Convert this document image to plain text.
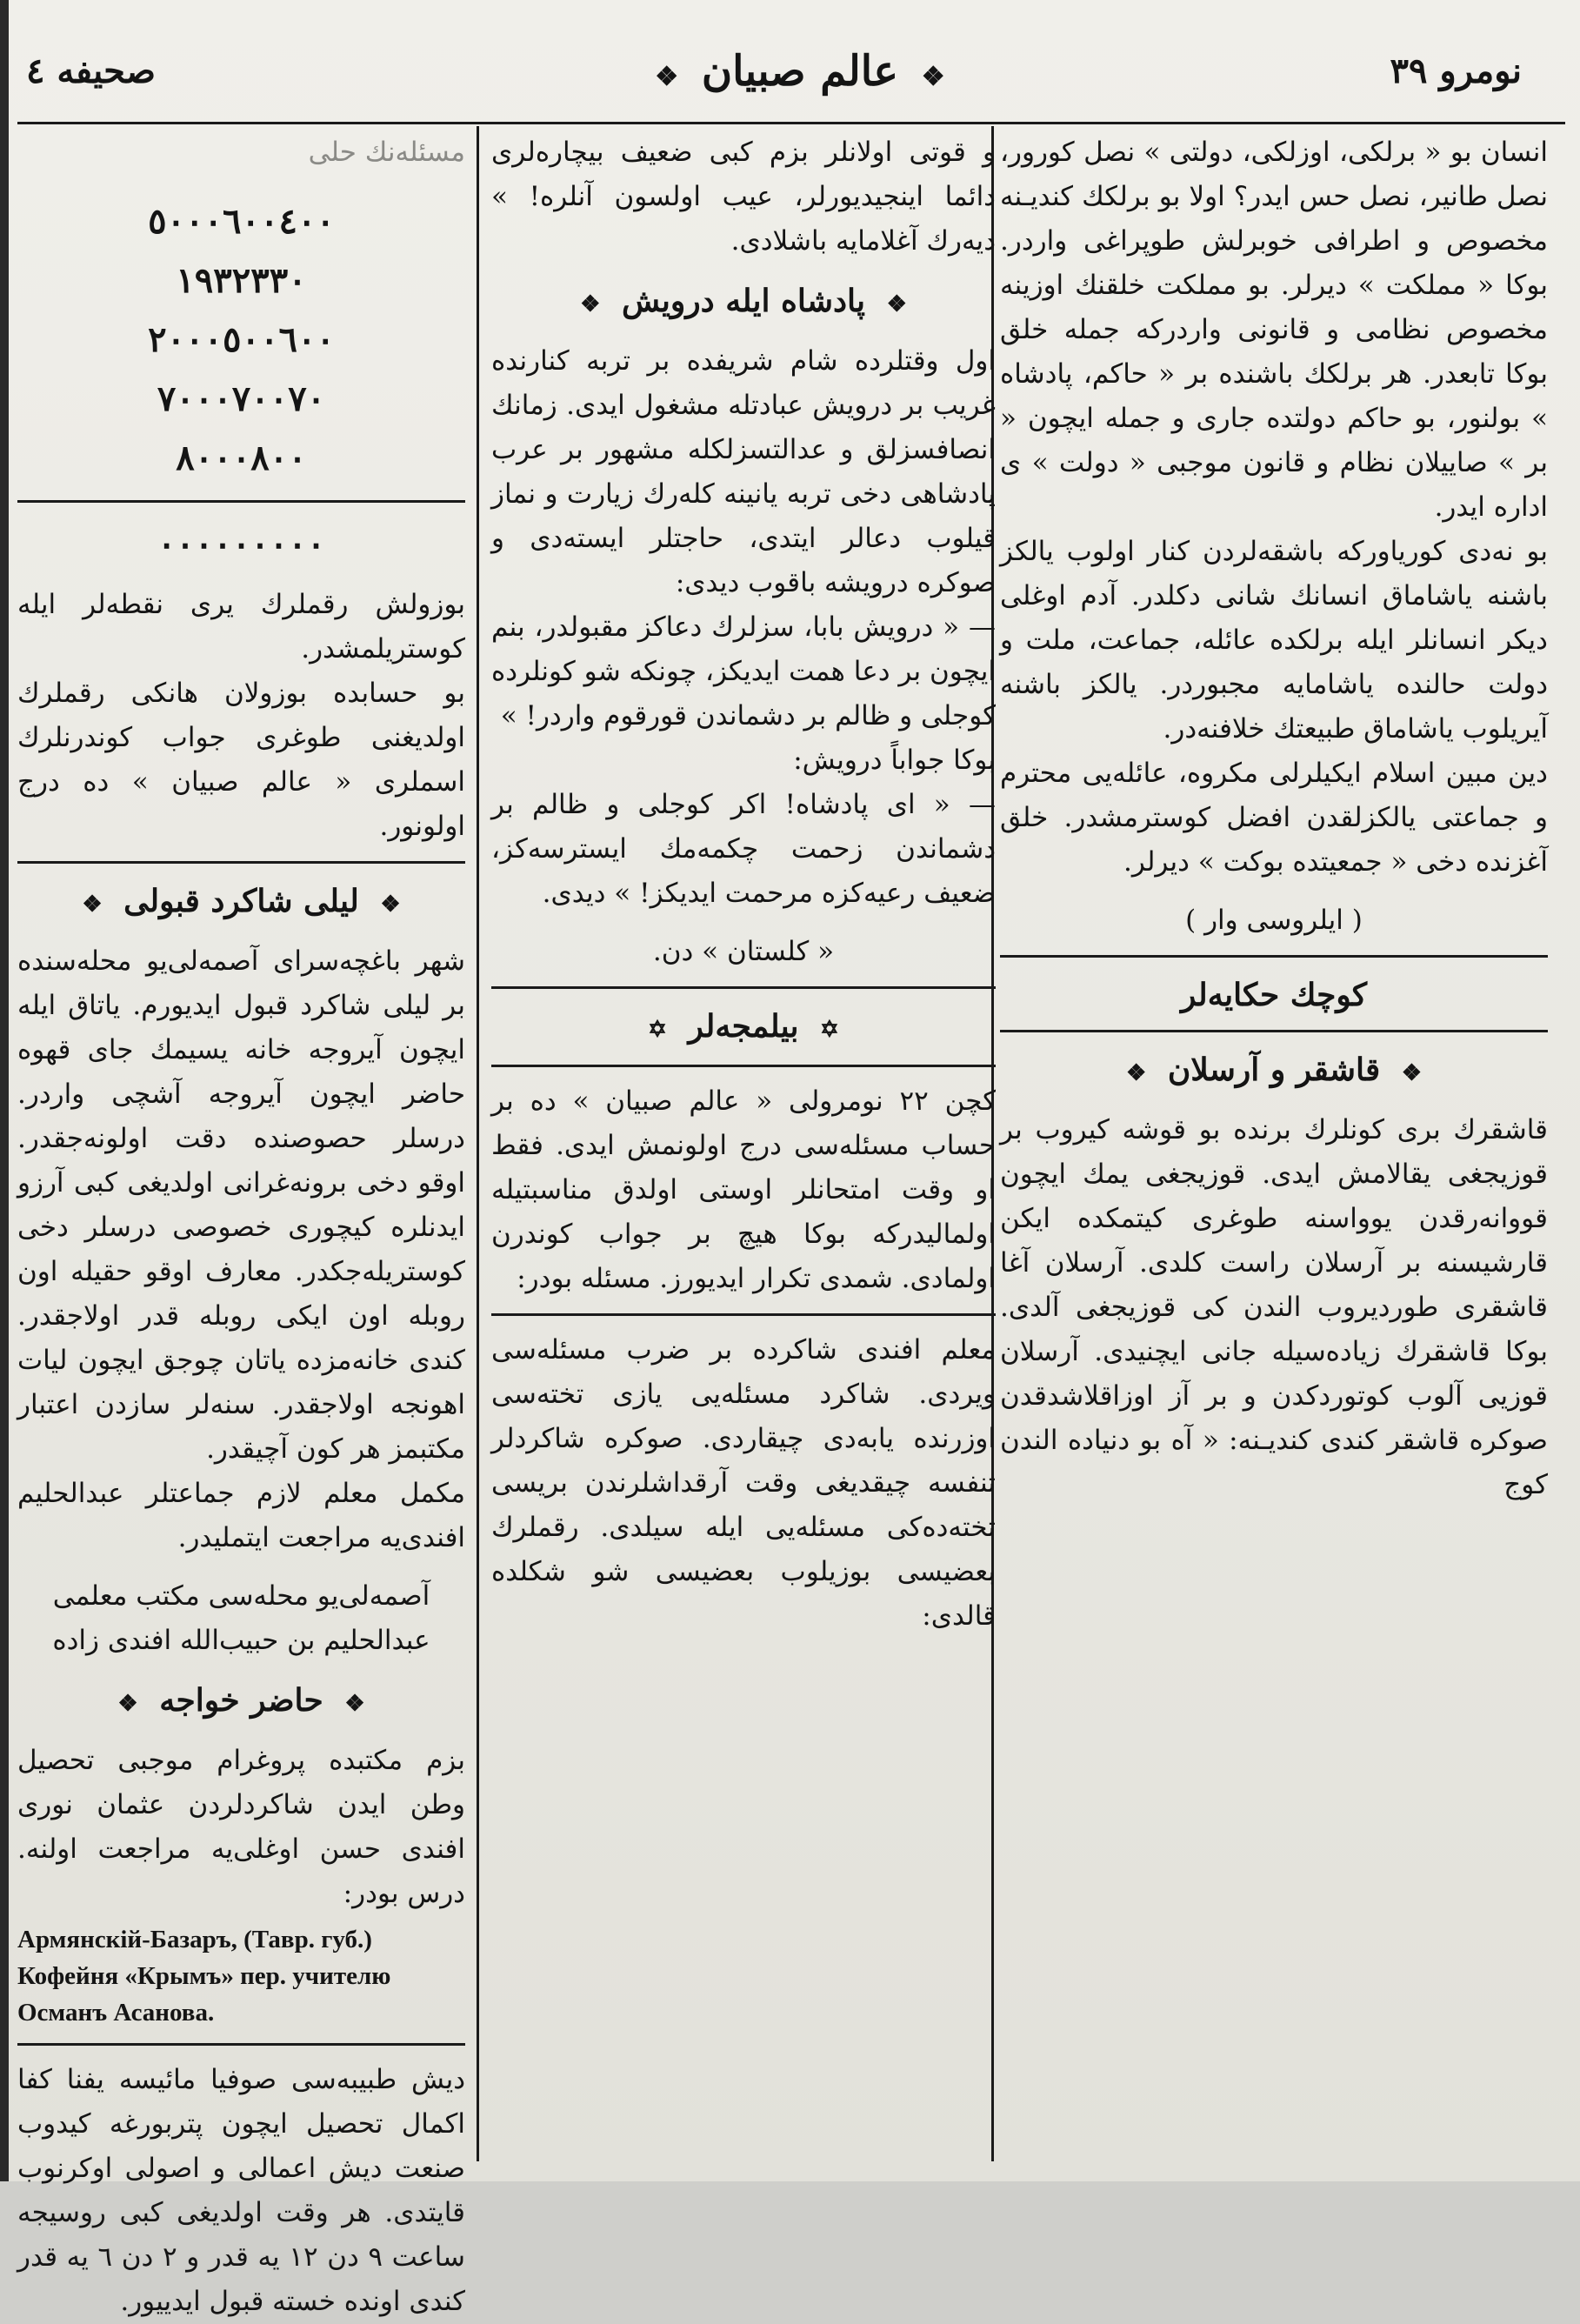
صحيفه ٤	❖ عالم صبيان ❖	نومرو ٣٩

انسان بو « برلكی، اوزلكی، دولتی » نصل كورور، نصل طانير، نصل حس ايدر؟ اولا بو برلكك كنديـنه مخصوص و اطرافی خوبرلش طوپراغی واردر. بوكا « مملكت » ديرلر. بو مملكت خلقنك اوزينه مخصوص نظامی و قانونی واردركه جمله خلق بوكا تابعدر. هر برلكك باشنده بر « حاكم، پادشاه » بولنور، بو حاكم دولتده جاری و جمله ايچون « بر » صاييلان نظام و قانون موجبی « دولت » ی اداره ايدر.

بو نه‌دی كورياوركه باشقه‌لردن كنار اولوب يالكز باشنه ياشاماق انسانك شانی دكلدر. آدم اوغلی ديكر انسانلر ايله برلكده عائله، جماعت، ملت و دولت حالنده ياشامايه مجبوردر. يالكز باشنه آيريلوب ياشاماق طبيعتك خلافنه‌در.

دين مبين اسلام ايكيلرلی مكروه، عائله‌يی محترم و جماعتی يالكزلقدن افضل كوسترمشدر. خلق آغزنده دخی « جمعيتده بوكت » ديرلر.

( ايلروسی وار )
كوچك حكايه‌لر
❖ قاشقر و آرسلان ❖

قاشقرك بری كونلرك برنده بو قوشه كيروب بر قوزيجغی يقالامش ايدی. قوزيجغی يمك ايچون قووانه‌رقدن يوواسنه طوغری كيتمكده ايكن قارشيسنه بر آرسلان راست كلدی. آرسلان آغا قاشقری طورديروب الندن‌ كی قوزيجغی آلدی. بوكا قاشقرك زياده‌سيله جانی ايچنيدی. آرسلان قوزيی آلوب كوتوردكدن و بر آز اوزاقلاشدقدن صوكره قاشقر كندی كنديـنه: « آه بو دنياده الندن كوج

و قوتی اولانلر بزم كبی ضعيف بيچاره‌لری دائما اينجيديورلر، عيب اولسون آنلره! » ديه‌رك آغلامايه باشلادی.

❖ پادشاه ايله درويش ❖

اول وقتلرده شام شريفده بر تربه كنارنده غريب بر درويش عبادتله مشغول ايدی. زمانك انصافسزلق و عدالتسزلكله مشهور بر عرب پادشاهی دخی تربه يانينه كله‌رك زيارت و نماز قيلوب دعالر ايتدی، حاجتلر ايسته‌دی و صوكره درويشه باقوب ديدی:

— « درويش بابا، سزلرك دعاكز مقبولدر، بنم ايچون بر دعا همت ايديكز، چونكه شو كونلرده كوجلی و ظالم بر دشماندن قورقوم واردر! »

بوكا جواباً درويش:

— « ای پادشاه! اكر كوجلی و ظالم بر دشماندن زحمت چكمه‌مك ايسترسه‌كز، ضعيف رعيه‌كزه مرحمت ايديكز! » ديدی.

« كلستان » دن.
✡ بيلمجه‌لر ✡

كچن ٢٢ نومرولی « عالم صبيان » ده بر حساب مسئله‌سی درج اولونمش ايدی. فقط او وقت امتحانلر اوستی اولدق مناسبتيله اولمالیدركه بوكا هيچ بر جواب كوندرن اولمادی. شمدی تكرار ايديورز. مسئله بودر:

معلم افندی شاكرده بر ضرب مسئله‌سی ويردی. شاكرد مسئله‌يی يازی تخته‌سی اوزرنده يابه‌دی چيقاردی. صوكره شاكردلر تنفسه چيقديغی وقت آرقداشلرندن بريسی تخته‌ده‌كی مسئله‌يی ايله سيلدی. رقملرك بعضيسی بوزيلوب بعضيسی شو شكلده قالدی:

مسئله‌نك حلی

٥٠٠٠٦٠٠٤٠٠
١٩٣٢٣٣٠
٢٠٠٠٥٠٠٦٠٠
٧٠٠٠٧٠٠٧٠
٨٠٠٠٨٠٠
٠٠٠٠٠٠٠٠٠

بوزولش رقملرك يری نقطه‌لر ايله كوستريلمشدر.

بو حسابده بوزولان هانكی رقملرك اولديغنی طوغری جواب كوندرنلرك اسملری « عالم صبيان » ده درج اولونور.

❖ ليلی شاكرد قبولی ❖

شهر باغچه‌سرای آصمه‌لی‌يو محله‌سنده بر ليلی شاكرد قبول ايديورم. ياتاق ايله ايچون آيروجه خانه يسيمك جای قهوه حاضر ايچون آيروجه آشچی واردر. درسلر حصوصنده دقت اولونه‌جقدر. اوقو دخی برونه‌غرانی اولديغی كبی آرزو ايدنلره كيچورى خصوصی درسلر دخی كوستريله‌جكدر. معارف اوقو حقيله اون روبله اون ايكی روبله قدر اولاجقدر. كندی خانه‌مزده ياتان چوجق ايچون ليات اهونجه اولاجقدر. سنه‌لر سازدن اعتبار مكتبمز هر كون آچيقدر.

مكمل معلم لازم جماعتلر عبدالحليم افندی‌يه مراجعت ايتمليدر.

آصمه‌لی‌يو محله‌سی مكتب معلمی عبدالحليم بن حبيب‌الله افندی زاده

❖ حاضر خواجه ❖

بزم مكتبده پروغرام موجبی تحصيل وطن ايدن شاكردلردن عثمان نوری افندی حسن اوغلی‌يه مراجعت اولنه. درس بودر:

Армянскій-Базаръ, (Тавр. губ.) Кофейня «Крымъ» пер. учителю Османъ Асанова.

ديش طبيبه‌سی صوفيا مائيسه يفنا كفا اكمال تحصيل ايچون پتربورغه كيدوب صنعت ديش اعمالی و اصولی اوكرنوب قايتدی. هر وقت اولديغی كبی روسيجه ساعت ٩ دن ١٢ يه قدر و ٢ دن ٦ يه قدر كندی اونده خسته قبول ايدييور.
